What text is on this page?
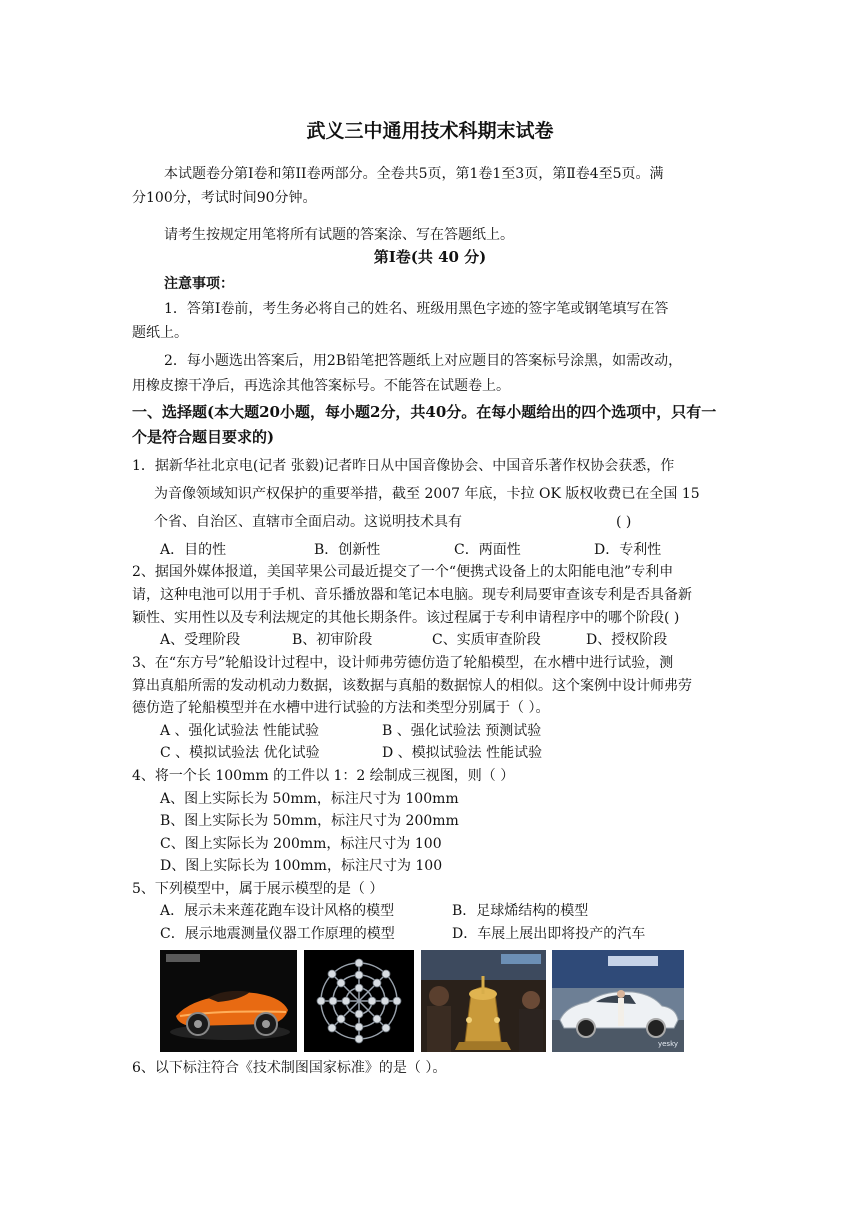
武义三中通用技术科期末试卷
本试题卷分第Ⅰ卷和第II卷两部分。全卷共5页，第1卷1至3页，第Ⅱ卷4至5页。满
分100分，考试时间90分钟。
请考生按规定用笔将所有试题的答案涂、写在答题纸上。
第Ⅰ卷(共 40 分)
注意事项：
1．答第Ⅰ卷前，考生务必将自己的姓名、班级用黑色字迹的签字笔或钢笔填写在答
题纸上。
2．每小题选出答案后，用2B铅笔把答题纸上对应题目的答案标号涂黑，如需改动，
用橡皮擦干净后，再选涂其他答案标号。不能答在试题卷上。
一、选择题(本大题20小题，每小题2分，共40分。在每小题给出的四个选项中，只有一
个是符合题目要求的)
1．据新华社北京电(记者 张毅)记者昨日从中国音像协会、中国音乐著作权协会获悉，作
为音像领域知识产权保护的重要举措，截至 2007 年底，卡拉 OK 版权收费已在全国 15
个省、自治区、直辖市全面启动。这说明技术具有	( )
A．目的性	B．创新性	C．两面性	D．专利性
2、据国外媒体报道，美国苹果公司最近提交了一个“便携式设备上的太阳能电池”专利申
请，这种电池可以用于手机、音乐播放器和笔记本电脑。现专利局要审查该专利是否具备新
颖性、实用性以及专利法规定的其他长期条件。该过程属于专利申请程序中的哪个阶段( )
A、受理阶段	B、初审阶段	C、实质审查阶段	D、授权阶段
3、在“东方号”轮船设计过程中，设计师弗劳德仿造了轮船模型，在水槽中进行试验，测
算出真船所需的发动机动力数据，该数据与真船的数据惊人的相似。这个案例中设计师弗劳
德仿造了轮船模型并在水槽中进行试验的方法和类型分别属于（ ）。
A 、强化试验法 性能试验	B 、强化试验法 预测试验
C 、模拟试验法 优化试验	D 、模拟试验法 性能试验
4、将一个长 100mm 的工件以 1：2 绘制成三视图，则（ ）
A、图上实际长为 50mm，标注尺寸为 100mm
B、图上实际长为 50mm，标注尺寸为 200mm
C、图上实际长为 200mm，标注尺寸为 100
D、图上实际长为 100mm，标注尺寸为 100
5、下列模型中，属于展示模型的是（ ）
A．展示未来莲花跑车设计风格的模型	B．足球烯结构的模型
C．展示地震测量仪器工作原理的模型	D．车展上展出即将投产的汽车
yesky
6、以下标注符合《技术制图国家标准》的是（ ）。
